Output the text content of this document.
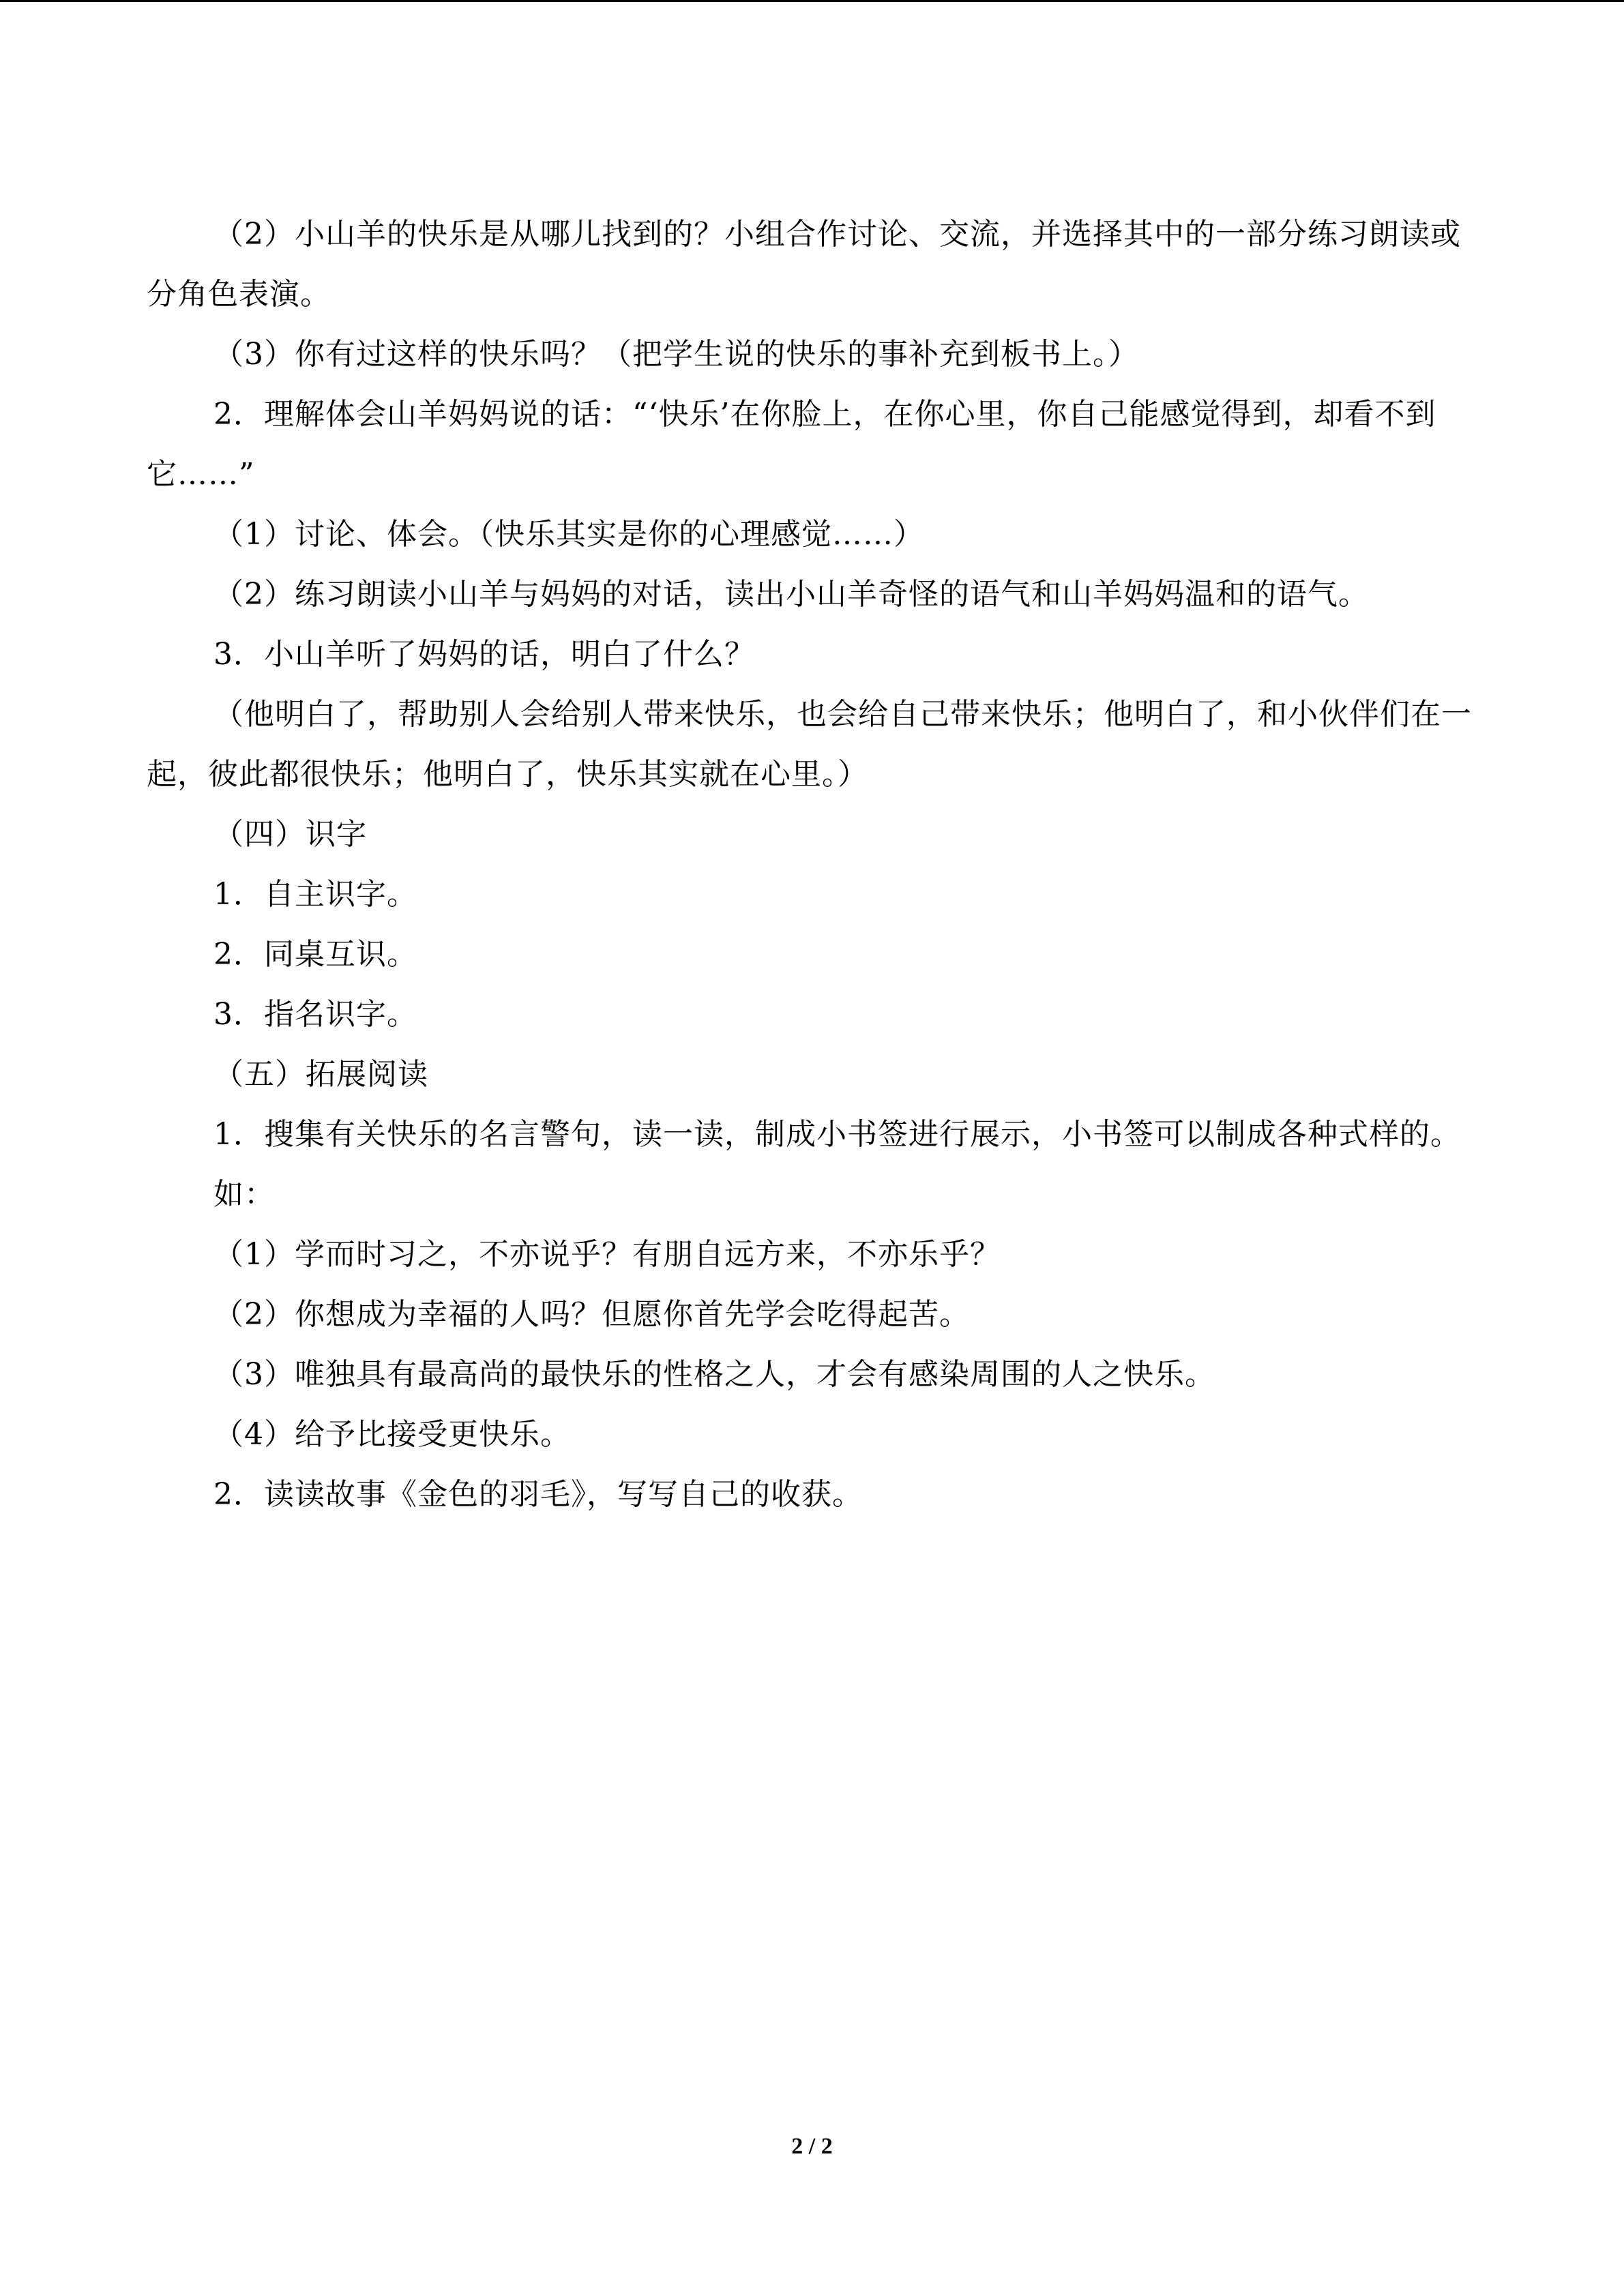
（2）小山羊的快乐是从哪儿找到的？小组合作讨论、交流，并选择其中的一部分练习朗读或分角色表演。

（3）你有过这样的快乐吗？（把学生说的快乐的事补充到板书上。）

2．理解体会山羊妈妈说的话：“‘快乐’在你脸上，在你心里，你自己能感觉得到，却看不到它……”

（1）讨论、体会。（快乐其实是你的心理感觉……）

（2）练习朗读小山羊与妈妈的对话，读出小山羊奇怪的语气和山羊妈妈温和的语气。

3．小山羊听了妈妈的话，明白了什么？

（他明白了，帮助别人会给别人带来快乐，也会给自己带来快乐；他明白了，和小伙伴们在一起，彼此都很快乐；他明白了，快乐其实就在心里。）

（四）识字

1．自主识字。

2．同桌互识。

3．指名识字。

（五）拓展阅读

1．搜集有关快乐的名言警句，读一读，制成小书签进行展示，小书签可以制成各种式样的。

如：

（1）学而时习之，不亦说乎？有朋自远方来，不亦乐乎？

（2）你想成为幸福的人吗？但愿你首先学会吃得起苦。

（3）唯独具有最高尚的最快乐的性格之人，才会有感染周围的人之快乐。

（4）给予比接受更快乐。

2．读读故事《金色的羽毛》，写写自己的收获。

2 / 2
